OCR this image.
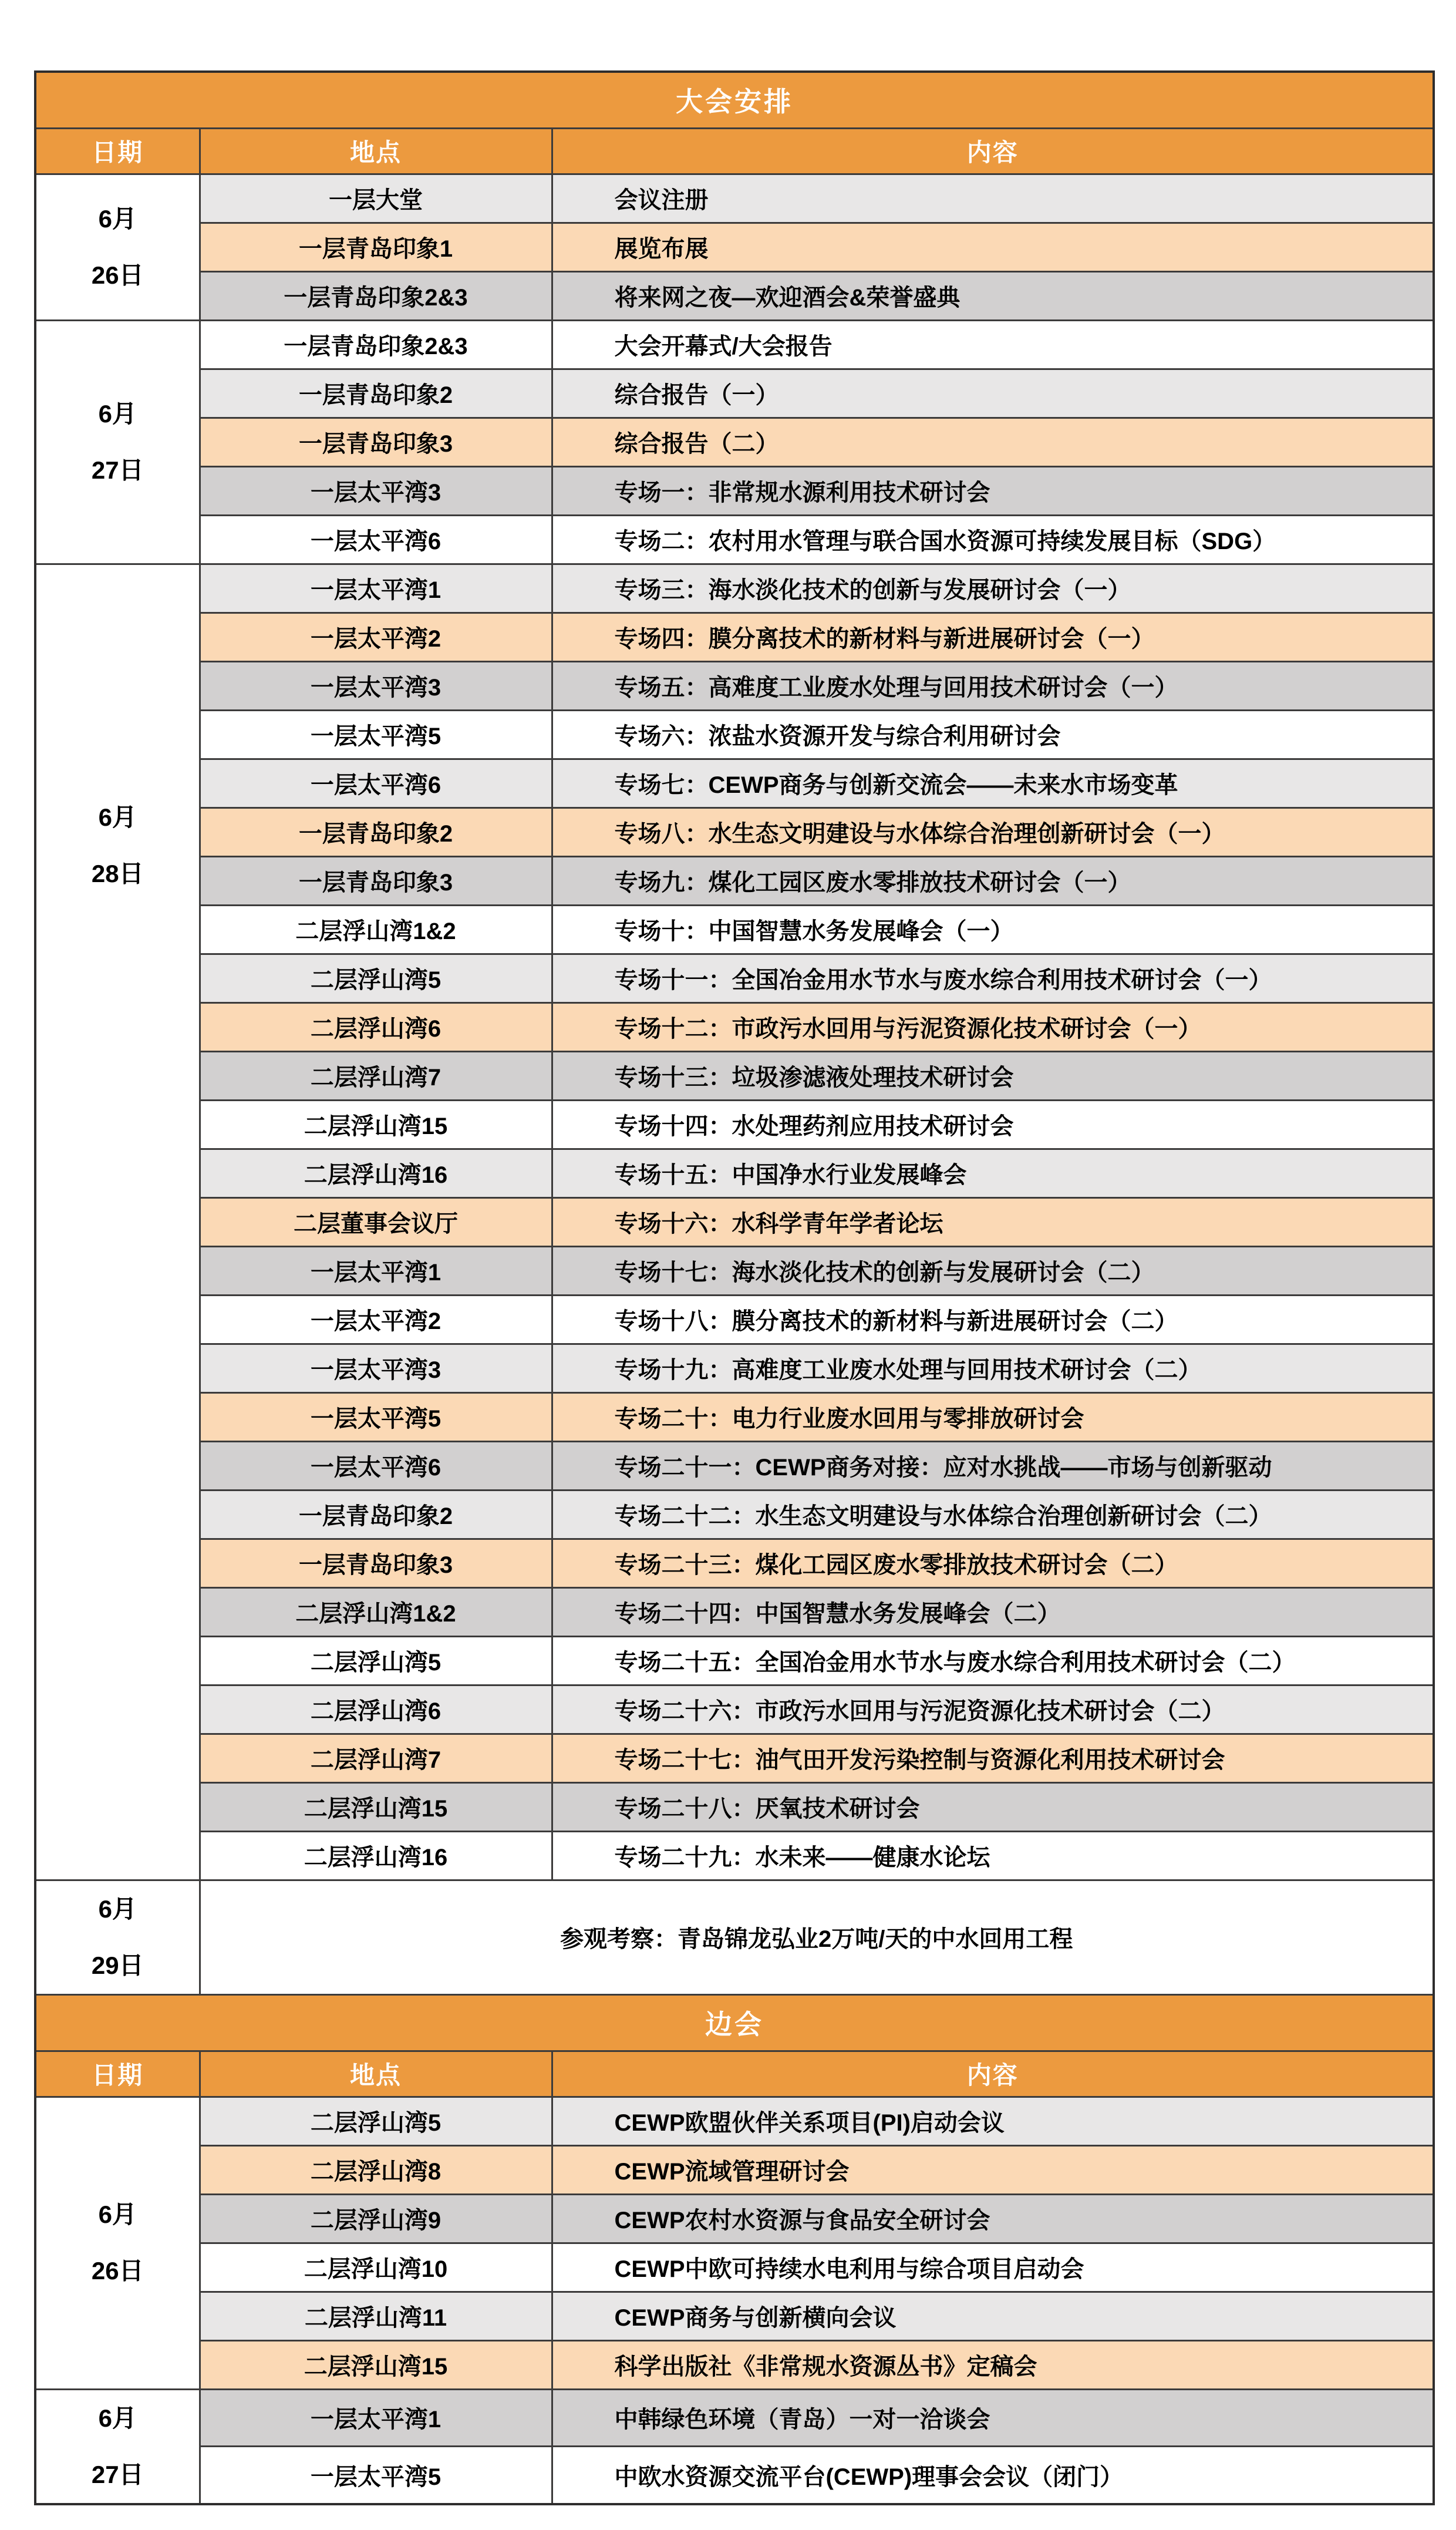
大会安排		
日期	地点	内容

6月
26日	一层大堂	会议注册
	一层青岛印象1	展览布展
	一层青岛印象2&3	将来网之夜—欢迎酒会&荣誉盛典

6月
27日	一层青岛印象2&3	大会开幕式/大会报告
	一层青岛印象2	综合报告（一）
	一层青岛印象3	综合报告（二）
	一层太平湾3	专场一：非常规水源利用技术研讨会
	一层太平湾6	专场二：农村用水管理与联合国水资源可持续发展目标（SDG）

6月
28日	一层太平湾1	专场三：海水淡化技术的创新与发展研讨会（一）
	一层太平湾2	专场四：膜分离技术的新材料与新进展研讨会（一）
	一层太平湾3	专场五：高难度工业废水处理与回用技术研讨会（一）
	一层太平湾5	专场六：浓盐水资源开发与综合利用研讨会
	一层太平湾6	专场七：CEWP商务与创新交流会——未来水市场变革
	一层青岛印象2	专场八：水生态文明建设与水体综合治理创新研讨会（一）
	一层青岛印象3	专场九：煤化工园区废水零排放技术研讨会（一）
	二层浮山湾1&2	专场十：中国智慧水务发展峰会（一）
	二层浮山湾5	专场十一：全国冶金用水节水与废水综合利用技术研讨会（一）
	二层浮山湾6	专场十二：市政污水回用与污泥资源化技术研讨会（一）
	二层浮山湾7	专场十三：垃圾渗滤液处理技术研讨会
	二层浮山湾15	专场十四：水处理药剂应用技术研讨会
	二层浮山湾16	专场十五：中国净水行业发展峰会
	二层董事会议厅	专场十六：水科学青年学者论坛
	一层太平湾1	专场十七：海水淡化技术的创新与发展研讨会（二）
	一层太平湾2	专场十八：膜分离技术的新材料与新进展研讨会（二）
	一层太平湾3	专场十九：高难度工业废水处理与回用技术研讨会（二）
	一层太平湾5	专场二十：电力行业废水回用与零排放研讨会
	一层太平湾6	专场二十一：CEWP商务对接：应对水挑战——市场与创新驱动
	一层青岛印象2	专场二十二：水生态文明建设与水体综合治理创新研讨会（二）
	一层青岛印象3	专场二十三：煤化工园区废水零排放技术研讨会（二）
	二层浮山湾1&2	专场二十四：中国智慧水务发展峰会（二）
	二层浮山湾5	专场二十五：全国冶金用水节水与废水综合利用技术研讨会（二）
	二层浮山湾6	专场二十六：市政污水回用与污泥资源化技术研讨会（二）
	二层浮山湾7	专场二十七：油气田开发污染控制与资源化利用技术研讨会
	二层浮山湾15	专场二十八：厌氧技术研讨会
	二层浮山湾16	专场二十九：水未来——健康水论坛

6月
29日	参观考察：青岛锦龙弘业2万吨/天的中水回用工程	
边会		
日期	地点	内容

6月
26日	二层浮山湾5	CEWP欧盟伙伴关系项目(PI)启动会议
	二层浮山湾8	CEWP流域管理研讨会
	二层浮山湾9	CEWP农村水资源与食品安全研讨会
	二层浮山湾10	CEWP中欧可持续水电利用与综合项目启动会
	二层浮山湾11	CEWP商务与创新横向会议
	二层浮山湾15	科学出版社《非常规水资源丛书》定稿会

6月
27日	一层太平湾1	中韩绿色环境（青岛）一对一洽谈会
	一层太平湾5	中欧水资源交流平台(CEWP)理事会会议（闭门）
